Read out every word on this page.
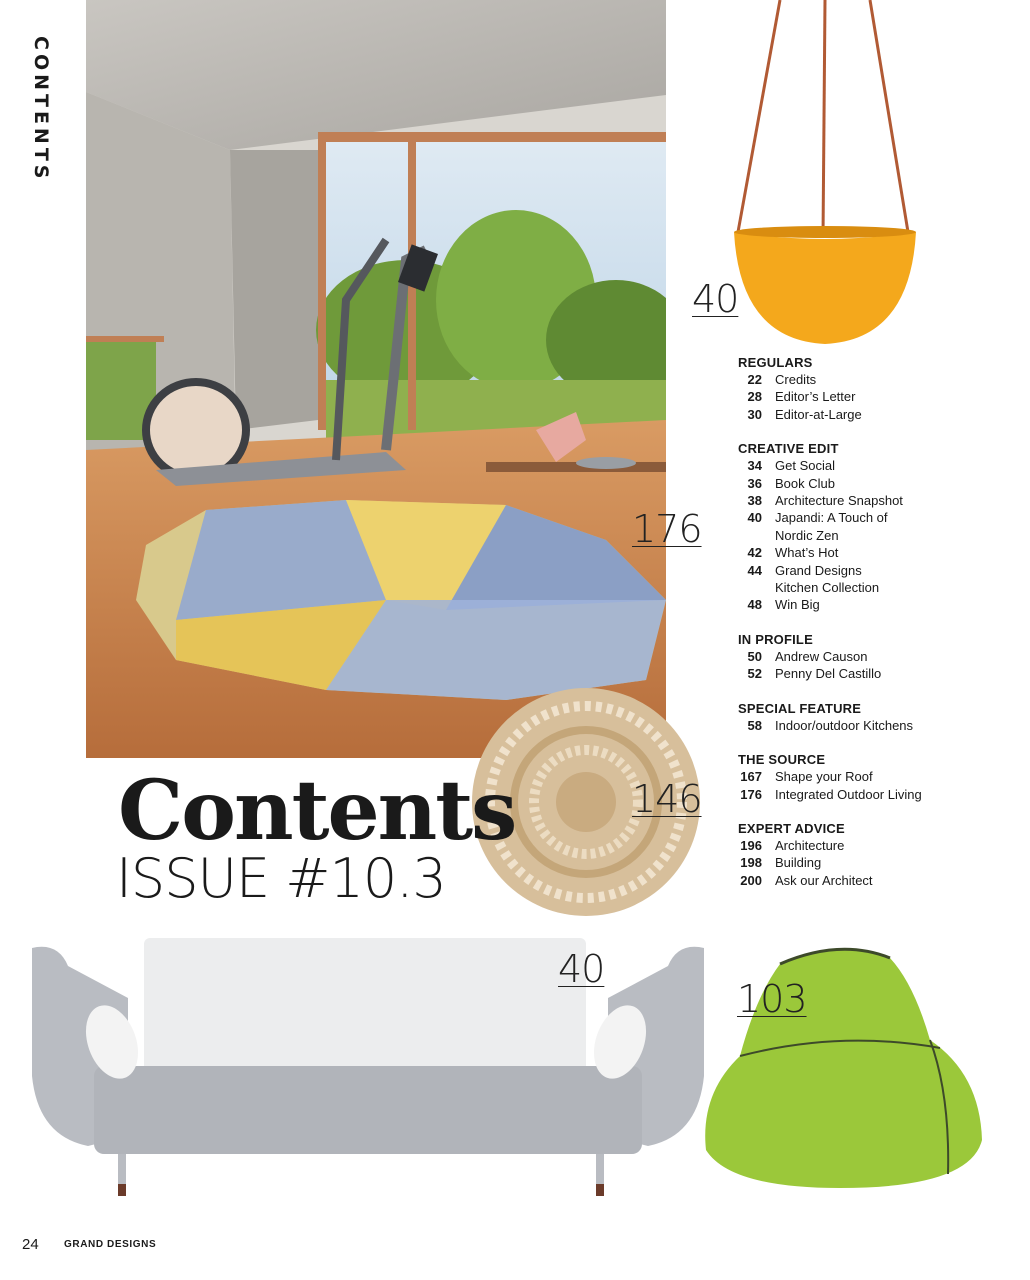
CONTENTS
40
176
146
40
103
Contents
ISSUE #10.3
REGULARS
22 Credits
28 Editor’s Letter
30 Editor-at-Large
CREATIVE EDIT
34 Get Social
36 Book Club
38 Architecture Snapshot
40 Japandi: A Touch of Nordic Zen
42 What’s Hot
44 Grand Designs Kitchen Collection
48 Win Big
IN PROFILE
50 Andrew Causon
52 Penny Del Castillo
SPECIAL FEATURE
58 Indoor/outdoor Kitchens
THE SOURCE
167 Shape your Roof
176 Integrated Outdoor Living
EXPERT ADVICE
196 Architecture
198 Building
200 Ask our Architect
24	GRAND DESIGNS
